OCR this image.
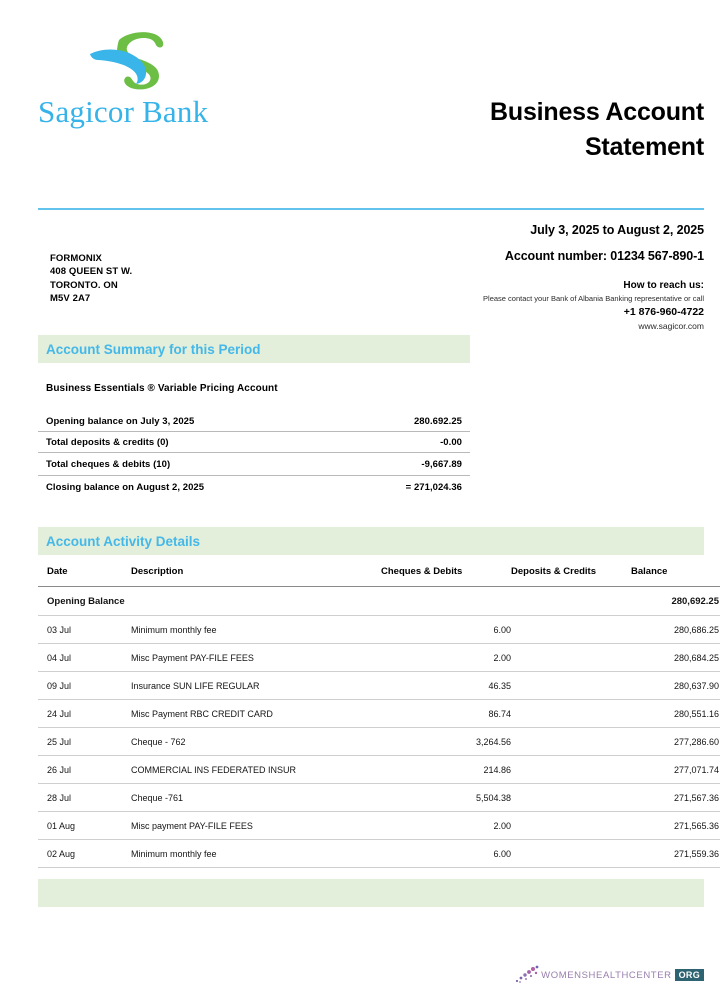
Sagicor Bank	Business Account
Statement
FORMONIX
408 QUEEN ST W.
TORONTO. ON
M5V 2A7
July 3, 2025 to August 2, 2025
Account number: 01234 567-890-1
How to reach us:
Please contact your Bank of Albania Banking representative or call
+1 876-960-4722
www.sagicor.com
Account Summary for this Period
Business Essentials ® Variable Pricing Account
Opening balance on July 3, 2025	280.692.25
Total deposits & credits (0)	-0.00
Total cheques & debits (10)	-9,667.89
Closing balance on August 2, 2025	= 271,024.36
Account Activity Details
Date	Description	Cheques & Debits	Deposits & Credits	Balance
Opening Balance				280,692.25
03 Jul	Minimum monthly fee	6.00		280,686.25
04 Jul	Misc Payment PAY-FILE FEES	2.00		280,684.25
09 Jul	Insurance SUN LIFE REGULAR	46.35		280,637.90
24 Jul	Misc Payment RBC CREDIT CARD	86.74		280,551.16
25 Jul	Cheque - 762	3,264.56		277,286.60
26 Jul	COMMERCIAL INS FEDERATED INSUR	214.86		277,071.74
28 Jul	Cheque -761	5,504.38		271,567.36
01 Aug	Misc payment PAY-FILE FEES	2.00		271,565.36
02 Aug	Minimum monthly fee	6.00		271,559.36
WOMENSHEALTHCENTER ORG
